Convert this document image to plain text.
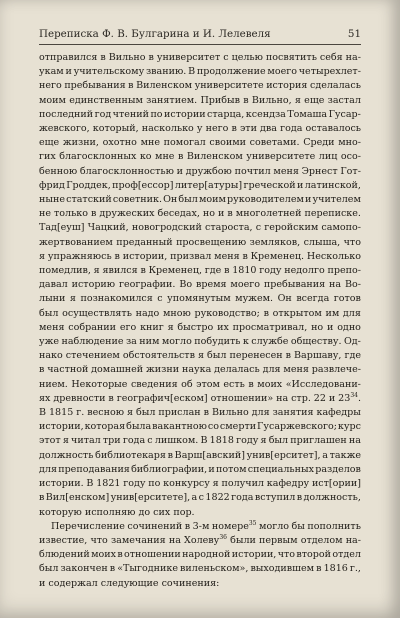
Переписка Ф. В. Булгарина и И. Лелевеля	51
отправился в Вильно в университет с целью посвятить себя на-
укам и учительскому званию. В продолжение моего четырехлет-
него пребывания в Виленском университете история сделалась
моим единственным занятием. Прибыв в Вильно, я еще застал
последний год чтений по истории старца, ксендза Томаша Гусар-
жевского, который, насколько у него в эти два года оставалось
еще жизни, охотно мне помогал своими советами. Среди мно-
гих благосклонных ко мне в Виленском университете лиц осо-
бенною благосклонностью и дружбою почтил меня Эрнест Гот-
фрид Гроддек, проф[ессор] литер[атуры] греческой и латинской,
ныне статский советник. Он был моим руководителем и учителем
не только в дружеских беседах, но и в многолетней переписке.
Тад[еуш] Чацкий, новогродский староста, с геройским самопо-
жертвованием преданный просвещению земляков, слыша, что
я упражняюсь в истории, призвал меня в Кременец. Несколько
помедлив, я явился в Кременец, где в 1810 году недолго препо-
давал историю географии. Во время моего пребывания на Во-
лыни я познакомился с упомянутым мужем. Он всегда готов
был осуществлять надо мною руководство; в открытом им для
меня собрании его книг я быстро их просматривал, но и одно
уже наблюдение за ним могло побудить к службе обществу. Од-
нако стечением обстоятельств я был перенесен в Варшаву, где
в частной домашней жизни наука делалась для меня развлече-
нием. Некоторые сведения об этом есть в моих «Исследовани-
ях древности в географич[еском] отношении» на стр. 22 и $23^{34}$.
В 1815 г. весною я был прислан в Вильно для занятия кафедры
истории, которая была вакантною со смерти Гусаржевского; курс
этот я читал три года с лишком. В 1818 году я был приглашен на
должность библиотекаря в Варш[авский] унив[ерситет], а также
для преподавания библиографии, и потом специальных разделов
истории. В 1821 году по конкурсу я получил кафедру ист[ории]
в Вил[енском] унив[ерситете], а с 1822 года вступил в должность,
которую
исполняю
до
сих
пор.
Перечисление сочинений в 3-м номере$^{35}$ могло бы пополнить
известие, что замечания на Холеву$^{36}$ были первым отделом на-
блюдений моих в отношении народной истории, что второй отдел
был закончен в «Тыгоднике виленьском», выходившем в 1816 г.,
и
содержал
следующие
сочинения:
